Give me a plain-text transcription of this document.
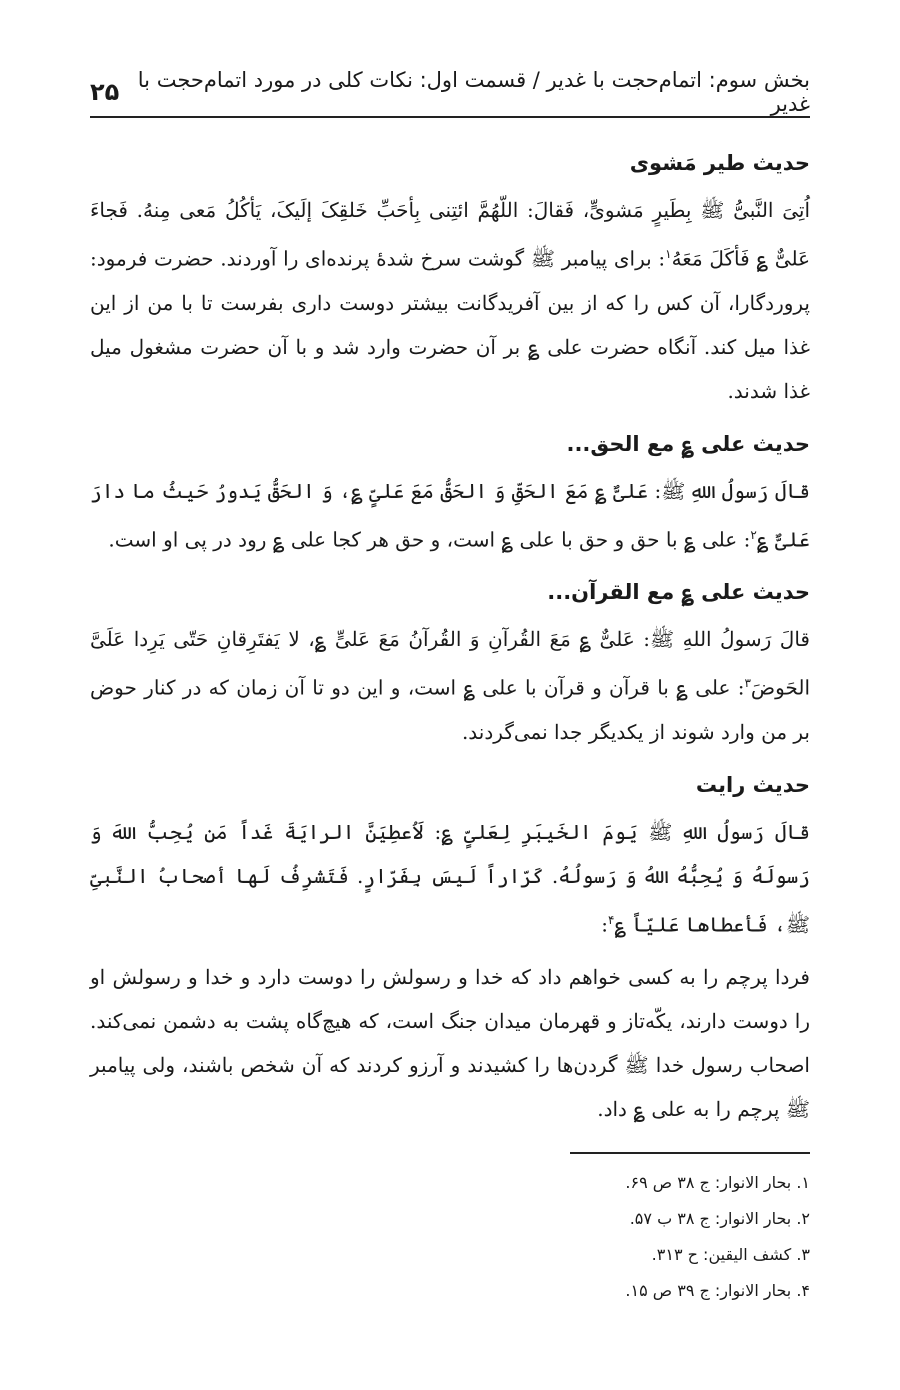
بخش سوم: اتمام‌حجت با غدیر / قسمت اول: نکات کلی در مورد اتمام‌حجت با غدیر
۲۵
حدیث طیر مَشوی

اُتِیَ النَّبیُّ ﷺ بِطَیرٍ مَشویٍّ، فَقالَ: اللّهُمَّ ائتِنی بِأحَبِّ خَلقِکَ إلَیکَ، یَأکُلُ مَعی مِنهُ. فَجاءَ عَلیٌّ ؏ فَأکَلَ مَعَهُ$^۱$: برای پیامبر ﷺ گوشت سرخ شدهٔ پرنده‌ای را آوردند. حضرت فرمود: پروردگارا، آن کس را که از بین آفریدگانت بیشتر دوست داری بفرست تا با من از این غذا میل کند. آنگاه حضرت علی ؏ بر آن حضرت وارد شد و با آن حضرت مشغول میل غذا شدند.

حدیث علی ؏ مع الحق...

قالَ رَسولُ اللهِ ﷺ: عَلیٌّ ؏ مَعَ الحَقِّ وَ الحَقُّ مَعَ عَلیٍّ ؏، وَ الحَقُّ یَدورُ حَیثُ ما دارَ عَلیٌّ ؏$^۲$: علی ؏ با حق و حق با علی ؏ است، و حق هر کجا علی ؏ رود در پی او است.

حدیث علی ؏ مع القرآن...

قالَ رَسولُ اللهِ ﷺ: عَلیٌّ ؏ مَعَ القُرآنِ وَ القُرآنُ مَعَ عَلیٍّ ؏، لا یَفتَرِقانِ حَتّی یَرِدا عَلَیَّ الحَوضَ$^۳$: علی ؏ با قرآن و قرآن با علی ؏ است، و این دو تا آن زمان که در کنار حوض بر من وارد شوند از یکدیگر جدا نمی‌گردند.

حدیث رایت

قالَ رَسولُ اللهِ ﷺ یَومَ الخَیبَرِ لِعَلیٍّ ؏: لَاُعطِیَنَّ الرایَةَ غَداً مَن یُحِبُّ اللهَ وَ رَسولَهُ وَ یُحِبُّهُ اللهُ وَ رَسولُهُ. کَرّاراً لَیسَ بِفَرّارٍ. فَتَشرِفُ لَها أصحابُ النَّبیِّ ﷺ، فَأعطاها عَلیّاً ؏$^۴$:

فردا پرچم را به کسی خواهم داد که خدا و رسولش را دوست دارد و خدا و رسولش او را دوست دارند، یکّه‌تاز و قهرمان میدان جنگ است، که هیچ‌گاه پشت به دشمن نمی‌کند. اصحاب رسول خدا ﷺ گردن‌ها را کشیدند و آرزو کردند که آن شخص باشند، ولی پیامبر ﷺ پرچم را به علی ؏ داد.

۱. بحار الانوار: ج ۳۸ ص ۶۹.
۲. بحار الانوار: ج ۳۸ ب ۵۷.
۳. کشف الیقین: ح ۳۱۳.
۴. بحار الانوار: ج ۳۹ ص ۱۵.
